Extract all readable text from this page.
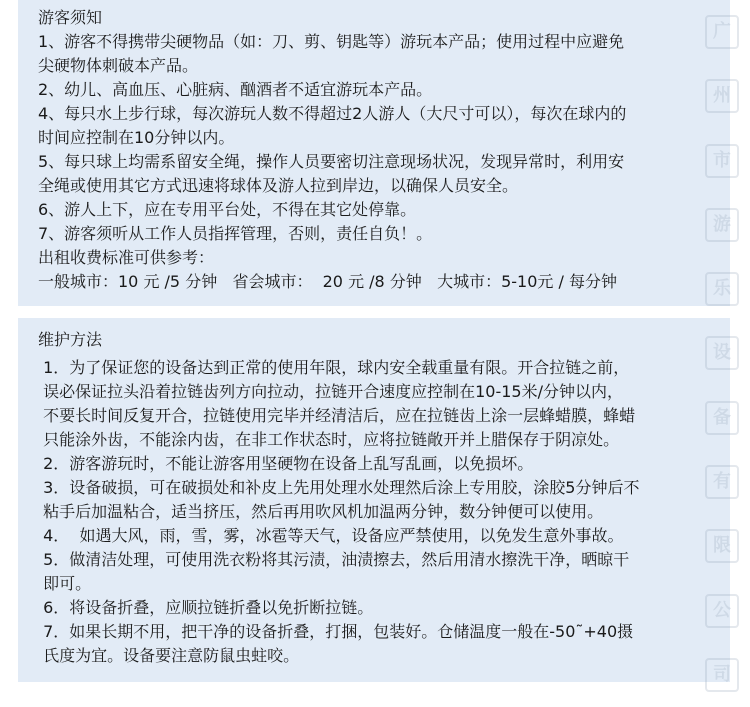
游客须知

1、游客不得携带尖硬物品（如：刀、剪、钥匙等）游玩本产品；使用过程中应避免

尖硬物体刺破本产品。

2、幼儿、高血压、心脏病、酗酒者不适宜游玩本产品。

4、每只水上步行球，每次游玩人数不得超过2人游人（大尺寸可以），每次在球内的

时间应控制在10分钟以内。

5、每只球上均需系留安全绳，操作人员要密切注意现场状况，发现异常时，利用安

全绳或使用其它方式迅速将球体及游人拉到岸边，以确保人员安全。

6、游人上下，应在专用平台处，不得在其它处停靠。

7、游客须听从工作人员指挥管理，否则，责任自负！。

出租收费标准可供参考：

一般城市：10 元 /5 分钟   省会城市：  20 元 /8 分钟   大城市：5-10元 / 每分钟

维护方法

1．为了保证您的设备达到正常的使用年限，球内安全载重量有限。开合拉链之前，

误必保证拉头沿着拉链齿列方向拉动，拉链开合速度应控制在10-15米/分钟以内，

不要长时间反复开合，拉链使用完毕并经清洁后，应在拉链齿上涂一层蜂蜡膜，蜂蜡

只能涂外齿，不能涂内齿，在非工作状态时，应将拉链敞开并上腊保存于阴凉处。

2．游客游玩时，不能让游客用坚硬物在设备上乱写乱画，以免损坏。

3．设备破损，可在破损处和补皮上先用处理水处理然后涂上专用胶，涂胶5分钟后不

粘手后加温粘合，适当挤压，然后再用吹风机加温两分钟，数分钟便可以使用。

4．  如遇大风，雨，雪，雾，冰雹等天气，设备应严禁使用，以免发生意外事故。

5．做清洁处理，可使用洗衣粉将其污渍，油渍擦去，然后用清水擦洗干净，晒晾干

即可。

6．将设备折叠，应顺拉链折叠以免折断拉链。

7．如果长期不用，把干净的设备折叠，打捆，包装好。仓储温度一般在-50˜+40摄

氏度为宜。设备要注意防鼠虫蛀咬。

广
州
市
游
乐
设
备
有
限
公
司
